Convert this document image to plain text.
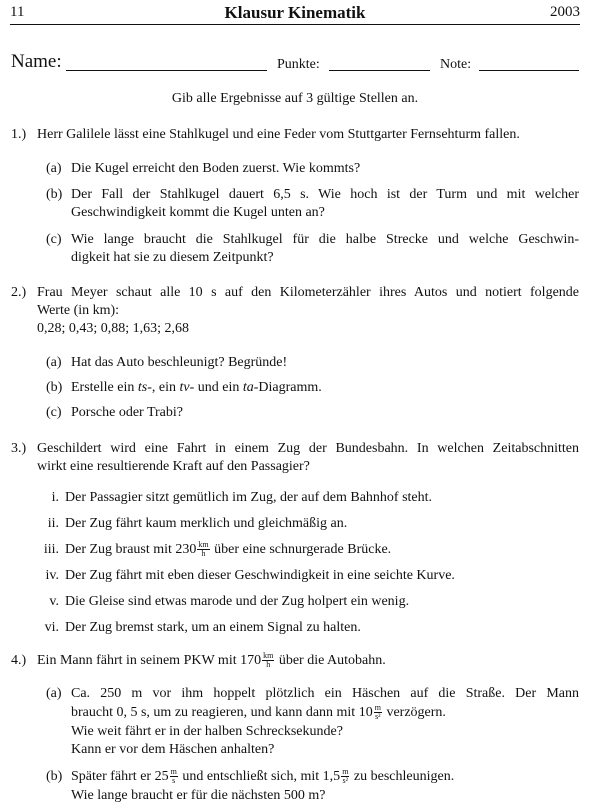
11	Klausur Kinematik	2003
Name:	Punkte:	Note:
Gib alle Ergebnisse auf 3 gültige Stellen an.
1.) Herr Galilele lässt eine Stahlkugel und eine Feder vom Stuttgarter Fernsehturm fallen.
(a) Die Kugel erreicht den Boden zuerst. Wie kommts?
(b) Der Fall der Stahlkugel dauert 6,5 s. Wie hoch ist der Turm und mit welcher
Geschwindigkeit kommt die Kugel unten an?
(c) Wie lange braucht die Stahlkugel für die halbe Strecke und welche Geschwin-
digkeit hat sie zu diesem Zeitpunkt?
2.) Frau Meyer schaut alle 10 s auf den Kilometerzähler ihres Autos und notiert folgende
Werte (in km):
0,28; 0,43; 0,88; 1,63; 2,68
(a) Hat das Auto beschleunigt? Begründe!
(b) Erstelle ein ts-, ein tv- und ein ta-Diagramm.
(c) Porsche oder Trabi?
3.) Geschildert wird eine Fahrt in einem Zug der Bundesbahn. In welchen Zeitabschnitten
wirkt eine resultierende Kraft auf den Passagier?
i. Der Passagier sitzt gemütlich im Zug, der auf dem Bahnhof steht.
ii. Der Zug fährt kaum merklich und gleichmäßig an.
iii. Der Zug braust mit $230 \frac{km}{h}$ über eine schnurgerade Brücke.
iv. Der Zug fährt mit eben dieser Geschwindigkeit in eine seichte Kurve.
v. Die Gleise sind etwas marode und der Zug holpert ein wenig.
vi. Der Zug bremst stark, um an einem Signal zu halten.
4.) Ein Mann fährt in seinem PKW mit $170 \frac{km}{h}$ über die Autobahn.
(a) Ca. 250 m vor ihm hoppelt plötzlich ein Häschen auf die Straße. Der Mann
braucht 0, 5 s, um zu reagieren, und kann dann mit $10 \frac{m}{\text{s²}}$ verzögern.
Wie weit fährt er in der halben Schrecksekunde?
Kann er vor dem Häschen anhalten?
(b) Später fährt er $25 \frac{m}{s}$ und entschließt sich, mit $1,5 \frac{m}{\text{s²}}$ zu beschleunigen.
Wie lange braucht er für die nächsten 500 m?
